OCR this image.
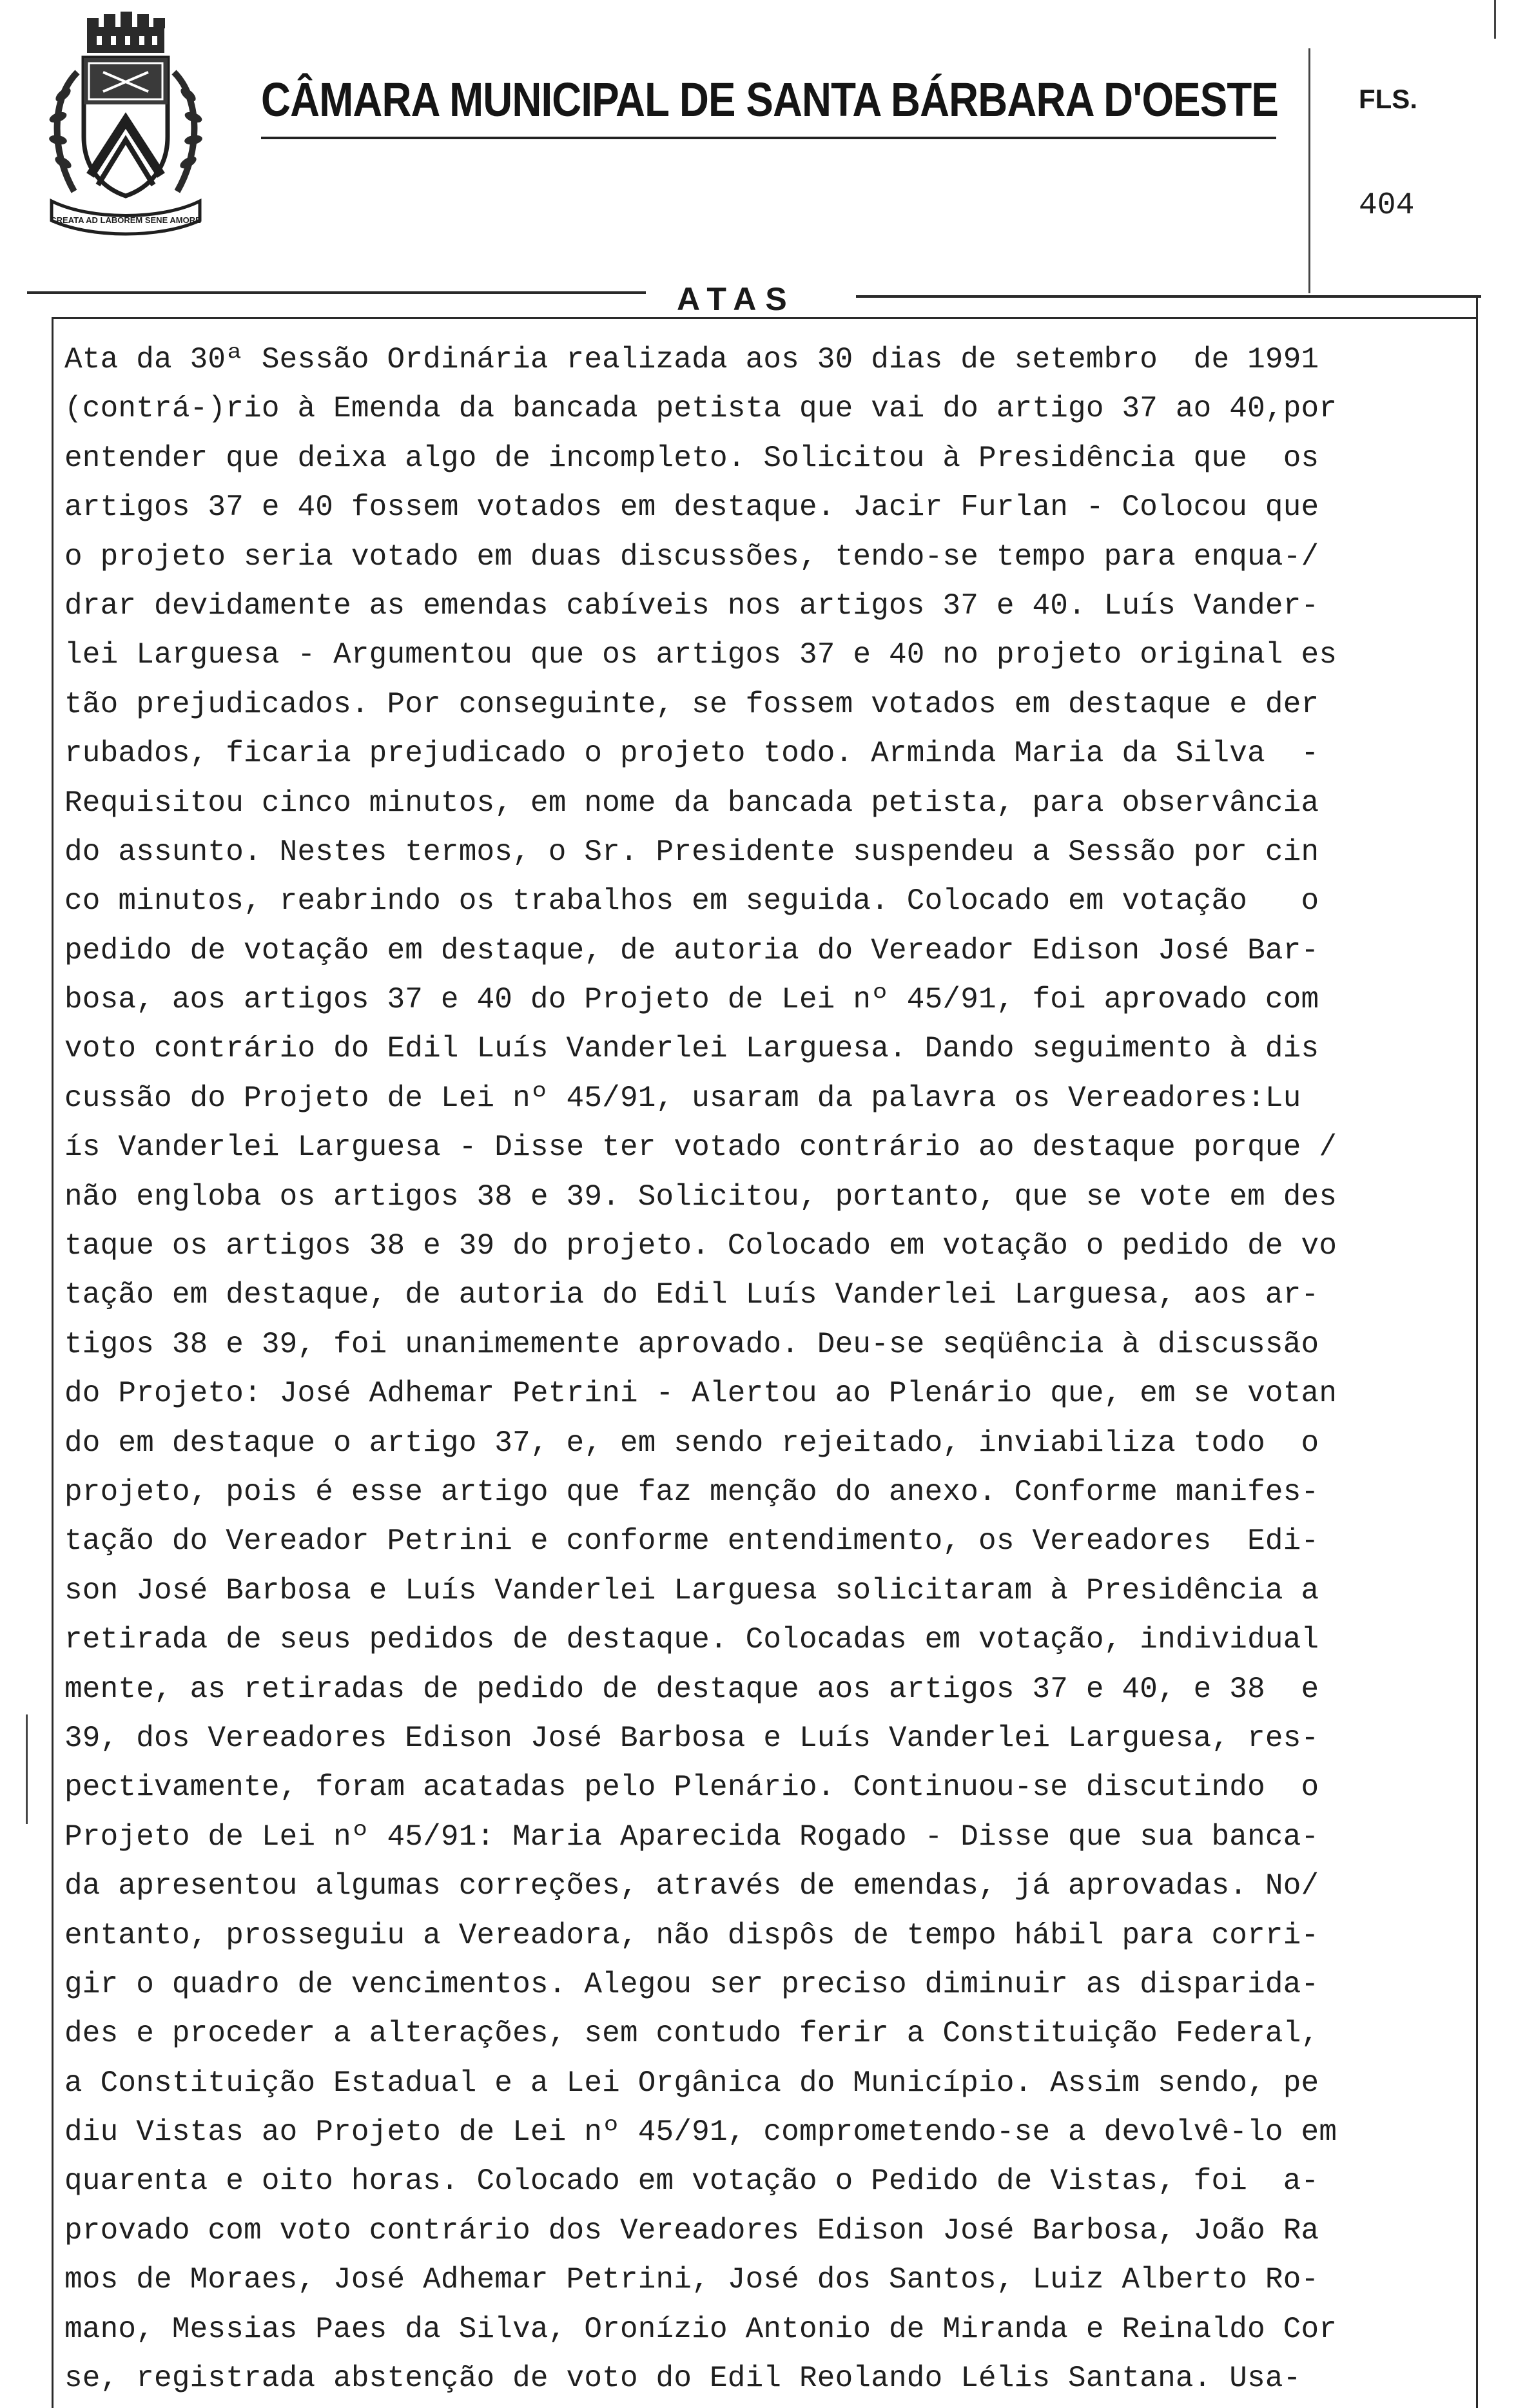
CREATA AD LABOREM SENE AMORE
CÂMARA MUNICIPAL DE SANTA BÁRBARA D'OESTE	FLS.
404
ATAS
Ata da 30ª Sessão Ordinária realizada aos 30 dias de setembro  de 1991
(contrá-)rio à Emenda da bancada petista que vai do artigo 37 ao 40,por
entender que deixa algo de incompleto. Solicitou à Presidência que  os
artigos 37 e 40 fossem votados em destaque. Jacir Furlan - Colocou que
o projeto seria votado em duas discussões, tendo-se tempo para enqua-/
drar devidamente as emendas cabíveis nos artigos 37 e 40. Luís Vander-
lei Larguesa - Argumentou que os artigos 37 e 40 no projeto original es
tão prejudicados. Por conseguinte, se fossem votados em destaque e der
rubados, ficaria prejudicado o projeto todo. Arminda Maria da Silva  -
Requisitou cinco minutos, em nome da bancada petista, para observância
do assunto. Nestes termos, o Sr. Presidente suspendeu a Sessão por cin
co minutos, reabrindo os trabalhos em seguida. Colocado em votação   o
pedido de votação em destaque, de autoria do Vereador Edison José Bar-
bosa, aos artigos 37 e 40 do Projeto de Lei nº 45/91, foi aprovado com
voto contrário do Edil Luís Vanderlei Larguesa. Dando seguimento à dis
cussão do Projeto de Lei nº 45/91, usaram da palavra os Vereadores:Lu
ís Vanderlei Larguesa - Disse ter votado contrário ao destaque porque /
não engloba os artigos 38 e 39. Solicitou, portanto, que se vote em des
taque os artigos 38 e 39 do projeto. Colocado em votação o pedido de vo
tação em destaque, de autoria do Edil Luís Vanderlei Larguesa, aos ar-
tigos 38 e 39, foi unanimemente aprovado. Deu-se seqüência à discussão
do Projeto: José Adhemar Petrini - Alertou ao Plenário que, em se votan
do em destaque o artigo 37, e, em sendo rejeitado, inviabiliza todo  o
projeto, pois é esse artigo que faz menção do anexo. Conforme manifes-
tação do Vereador Petrini e conforme entendimento, os Vereadores  Edi-
son José Barbosa e Luís Vanderlei Larguesa solicitaram à Presidência a
retirada de seus pedidos de destaque. Colocadas em votação, individual
mente, as retiradas de pedido de destaque aos artigos 37 e 40, e 38  e
39, dos Vereadores Edison José Barbosa e Luís Vanderlei Larguesa, res-
pectivamente, foram acatadas pelo Plenário. Continuou-se discutindo  o
Projeto de Lei nº 45/91: Maria Aparecida Rogado - Disse que sua banca-
da apresentou algumas correções, através de emendas, já aprovadas. No/
entanto, prosseguiu a Vereadora, não dispôs de tempo hábil para corri-
gir o quadro de vencimentos. Alegou ser preciso diminuir as disparida-
des e proceder a alterações, sem contudo ferir a Constituição Federal,
a Constituição Estadual e a Lei Orgânica do Município. Assim sendo, pe
diu Vistas ao Projeto de Lei nº 45/91, comprometendo-se a devolvê-lo em
quarenta e oito horas. Colocado em votação o Pedido de Vistas, foi  a-
provado com voto contrário dos Vereadores Edison José Barbosa, João Ra
mos de Moraes, José Adhemar Petrini, José dos Santos, Luiz Alberto Ro-
mano, Messias Paes da Silva, Oronízio Antonio de Miranda e Reinaldo Cor
se, registrada abstenção de voto do Edil Reolando Lélis Santana. Usa-
